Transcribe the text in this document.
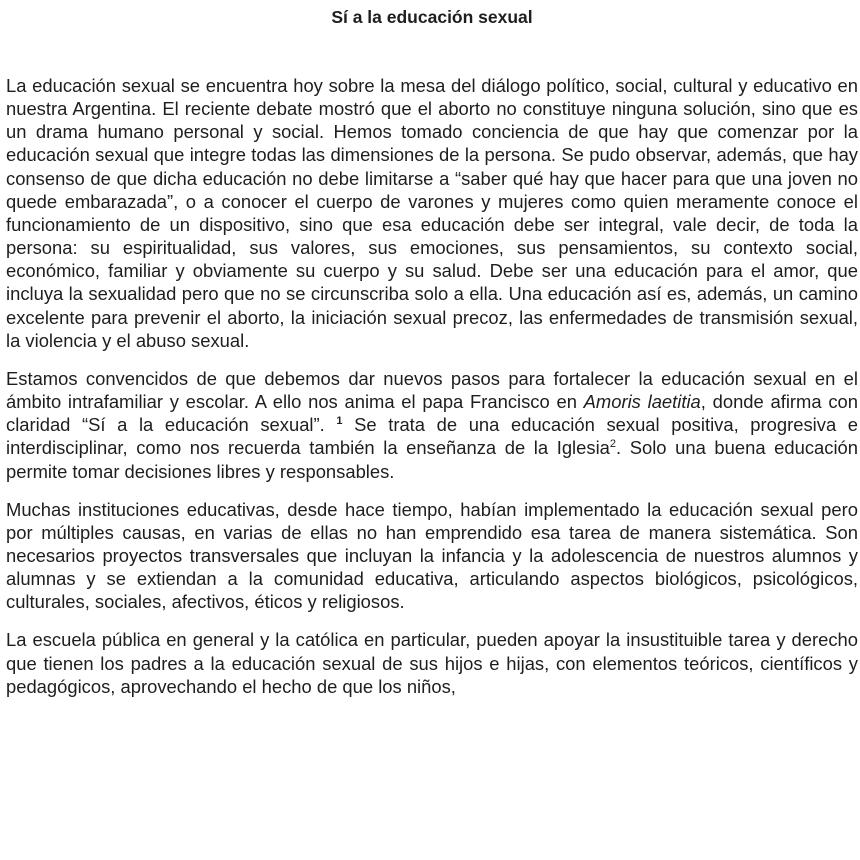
Sí a la educación sexual

La educación sexual se encuentra hoy sobre la mesa del diálogo político, social, cultural y educativo en nuestra Argentina. El reciente debate mostró que el aborto no constituye ninguna solución, sino que es un drama humano personal y social. Hemos tomado conciencia de que hay que comenzar por la educación sexual que integre todas las dimensiones de la persona. Se pudo observar, además, que hay consenso de que dicha educación no debe limitarse a “saber qué hay que hacer para que una joven no quede embarazada”, o a conocer el cuerpo de varones y mujeres como quien meramente conoce el funcionamiento de un dispositivo, sino que esa educación debe ser integral, vale decir, de toda la persona: su espiritualidad, sus valores, sus emociones, sus pensamientos, su contexto social, económico, familiar y obviamente su cuerpo y su salud. Debe ser una educación para el amor, que incluya la sexualidad pero que no se circunscriba solo a ella. Una educación así es, además, un camino excelente para prevenir el aborto, la iniciación sexual precoz, las enfermedades de transmisión sexual, la violencia y el abuso sexual.

Estamos convencidos de que debemos dar nuevos pasos para fortalecer la educación sexual en el ámbito intrafamiliar y escolar. A ello nos anima el papa Francisco en Amoris laetitia, donde afirma con claridad “Sí a la educación sexual”. $^1$ Se trata de una educación sexual positiva, progresiva e interdisciplinar, como nos recuerda también la enseñanza de la Iglesia$^2$. Solo una buena educación permite tomar decisiones libres y responsables.

Muchas instituciones educativas, desde hace tiempo, habían implementado la educación sexual pero por múltiples causas, en varias de ellas no han emprendido esa tarea de manera sistemática. Son necesarios proyectos transversales que incluyan la infancia y la adolescencia de nuestros alumnos y alumnas y se extiendan a la comunidad educativa, articulando aspectos biológicos, psicológicos, culturales, sociales, afectivos, éticos y religiosos.

La escuela pública en general y la católica en particular, pueden apoyar la insustituible tarea y derecho que tienen los padres a la educación sexual de sus hijos e hijas, con elementos teóricos, científicos y pedagógicos, aprovechando el hecho de que los niños,
